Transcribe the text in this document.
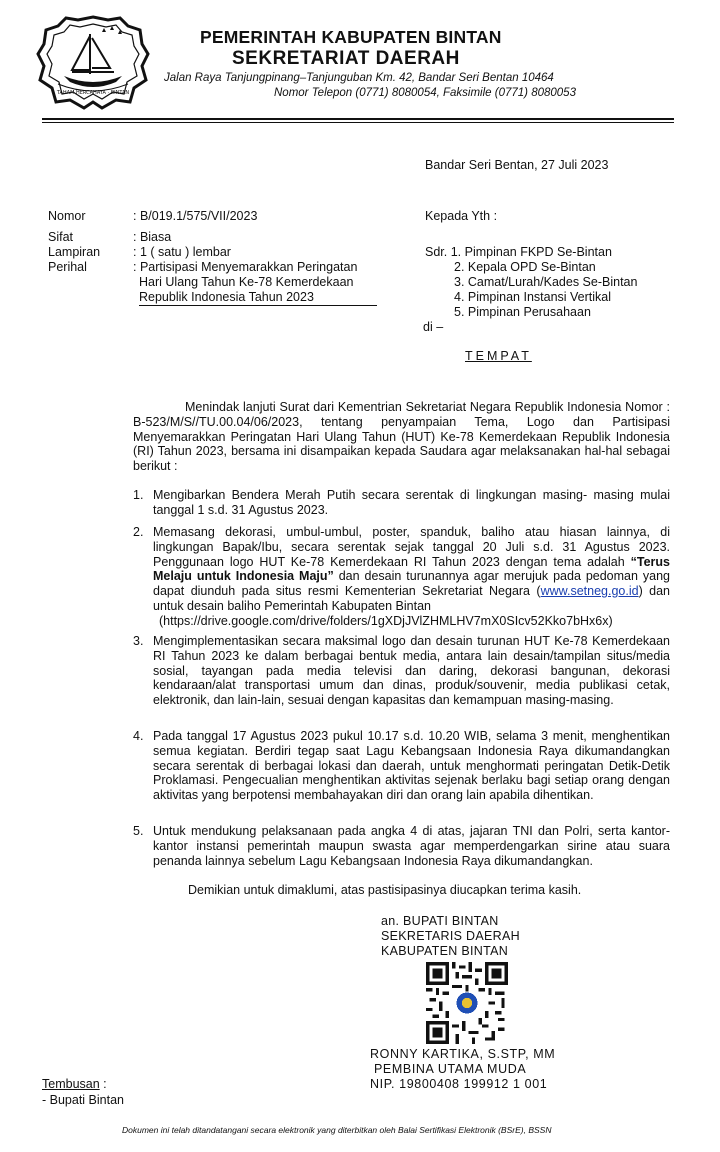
TAHAM HERCAHAYA · BINTAN
PEMERINTAH KABUPATEN BINTAN
SEKRETARIAT DAERAH
Jalan Raya Tanjungpinang–Tanjunguban Km. 42, Bandar Seri Bentan 10464
Nomor Telepon (0771) 8080054, Faksimile (0771) 8080053
Bandar Seri Bentan, 27 Juli 2023
Nomor	: B/019.1/575/VII/2023
Sifat	: Biasa
Lampiran	: 1 ( satu ) lembar
Perihal	: Partisipasi Menyemarakkan Peringatan
Hari Ulang Tahun Ke-78 Kemerdekaan
Republik Indonesia Tahun 2023
Kepada Yth :
Sdr. 1. Pimpinan FKPD Se-Bintan
2. Kepala OPD Se-Bintan
3. Camat/Lurah/Kades Se-Bintan
4. Pimpinan Instansi Vertikal
5. Pimpinan Perusahaan
di –
TEMPAT
Menindak lanjuti Surat dari Kementrian Sekretariat Negara Republik Indonesia Nomor : B-523/M/S//TU.00.04/06/2023, tentang penyampaian Tema, Logo dan Partisipasi Menyemarakkan Peringatan Hari Ulang Tahun (HUT) Ke-78 Kemerdekaan Republik Indonesia (RI) Tahun 2023, bersama ini disampaikan kepada Saudara agar melaksanakan hal-hal sebagai berikut :
1. Mengibarkan Bendera Merah Putih secara serentak di lingkungan masing- masing mulai tanggal 1 s.d. 31 Agustus 2023.
2. Memasang dekorasi, umbul-umbul, poster, spanduk, baliho atau hiasan lainnya, di lingkungan Bapak/Ibu, secara serentak sejak tanggal 20 Juli s.d. 31 Agustus 2023. Penggunaan logo HUT Ke-78 Kemerdekaan RI Tahun 2023 dengan tema adalah “Terus Melaju untuk Indonesia Maju” dan desain turunannya agar merujuk pada pedoman yang dapat diunduh pada situs resmi Kementerian Sekretariat Negara (www.setneg.go.id) dan untuk desain baliho Pemerintah Kabupaten Bintan
(https://drive.google.com/drive/folders/1gXDjJVlZHMLHV7mX0SIcv52Kko7bHx6x)
3. Mengimplementasikan secara maksimal logo dan desain turunan HUT Ke-78 Kemerdekaan RI Tahun 2023 ke dalam berbagai bentuk media, antara lain desain/tampilan situs/media sosial, tayangan pada media televisi dan daring, dekorasi bangunan, dekorasi kendaraan/alat transportasi umum dan dinas, produk/souvenir, media publikasi cetak, elektronik, dan lain-lain, sesuai dengan kapasitas dan kemampuan masing-masing.
4. Pada tanggal 17 Agustus 2023 pukul 10.17 s.d. 10.20 WIB, selama 3 menit, menghentikan semua kegiatan. Berdiri tegap saat Lagu Kebangsaan Indonesia Raya dikumandangkan secara serentak di berbagai lokasi dan daerah, untuk menghormati peringatan Detik-Detik Proklamasi. Pengecualian menghentikan aktivitas sejenak berlaku bagi setiap orang dengan aktivitas yang berpotensi membahayakan diri dan orang lain apabila dihentikan.
5. Untuk mendukung pelaksanaan pada angka 4 di atas, jajaran TNI dan Polri, serta kantor-kantor instansi pemerintah maupun swasta agar memperdengarkan sirine atau suara penanda lainnya sebelum Lagu Kebangsaan Indonesia Raya dikumandangkan.
Demikian untuk dimaklumi, atas pastisipasinya diucapkan terima kasih.
an. BUPATI BINTAN
SEKRETARIS DAERAH
KABUPATEN BINTAN
RONNY KARTIKA, S.STP, MM
PEMBINA UTAMA MUDA
NIP. 19800408 199912 1 001
Tembusan :
- Bupati Bintan
Dokumen ini telah ditandatangani secara elektronik yang diterbitkan oleh Balai Sertifikasi Elektronik (BSrE), BSSN
